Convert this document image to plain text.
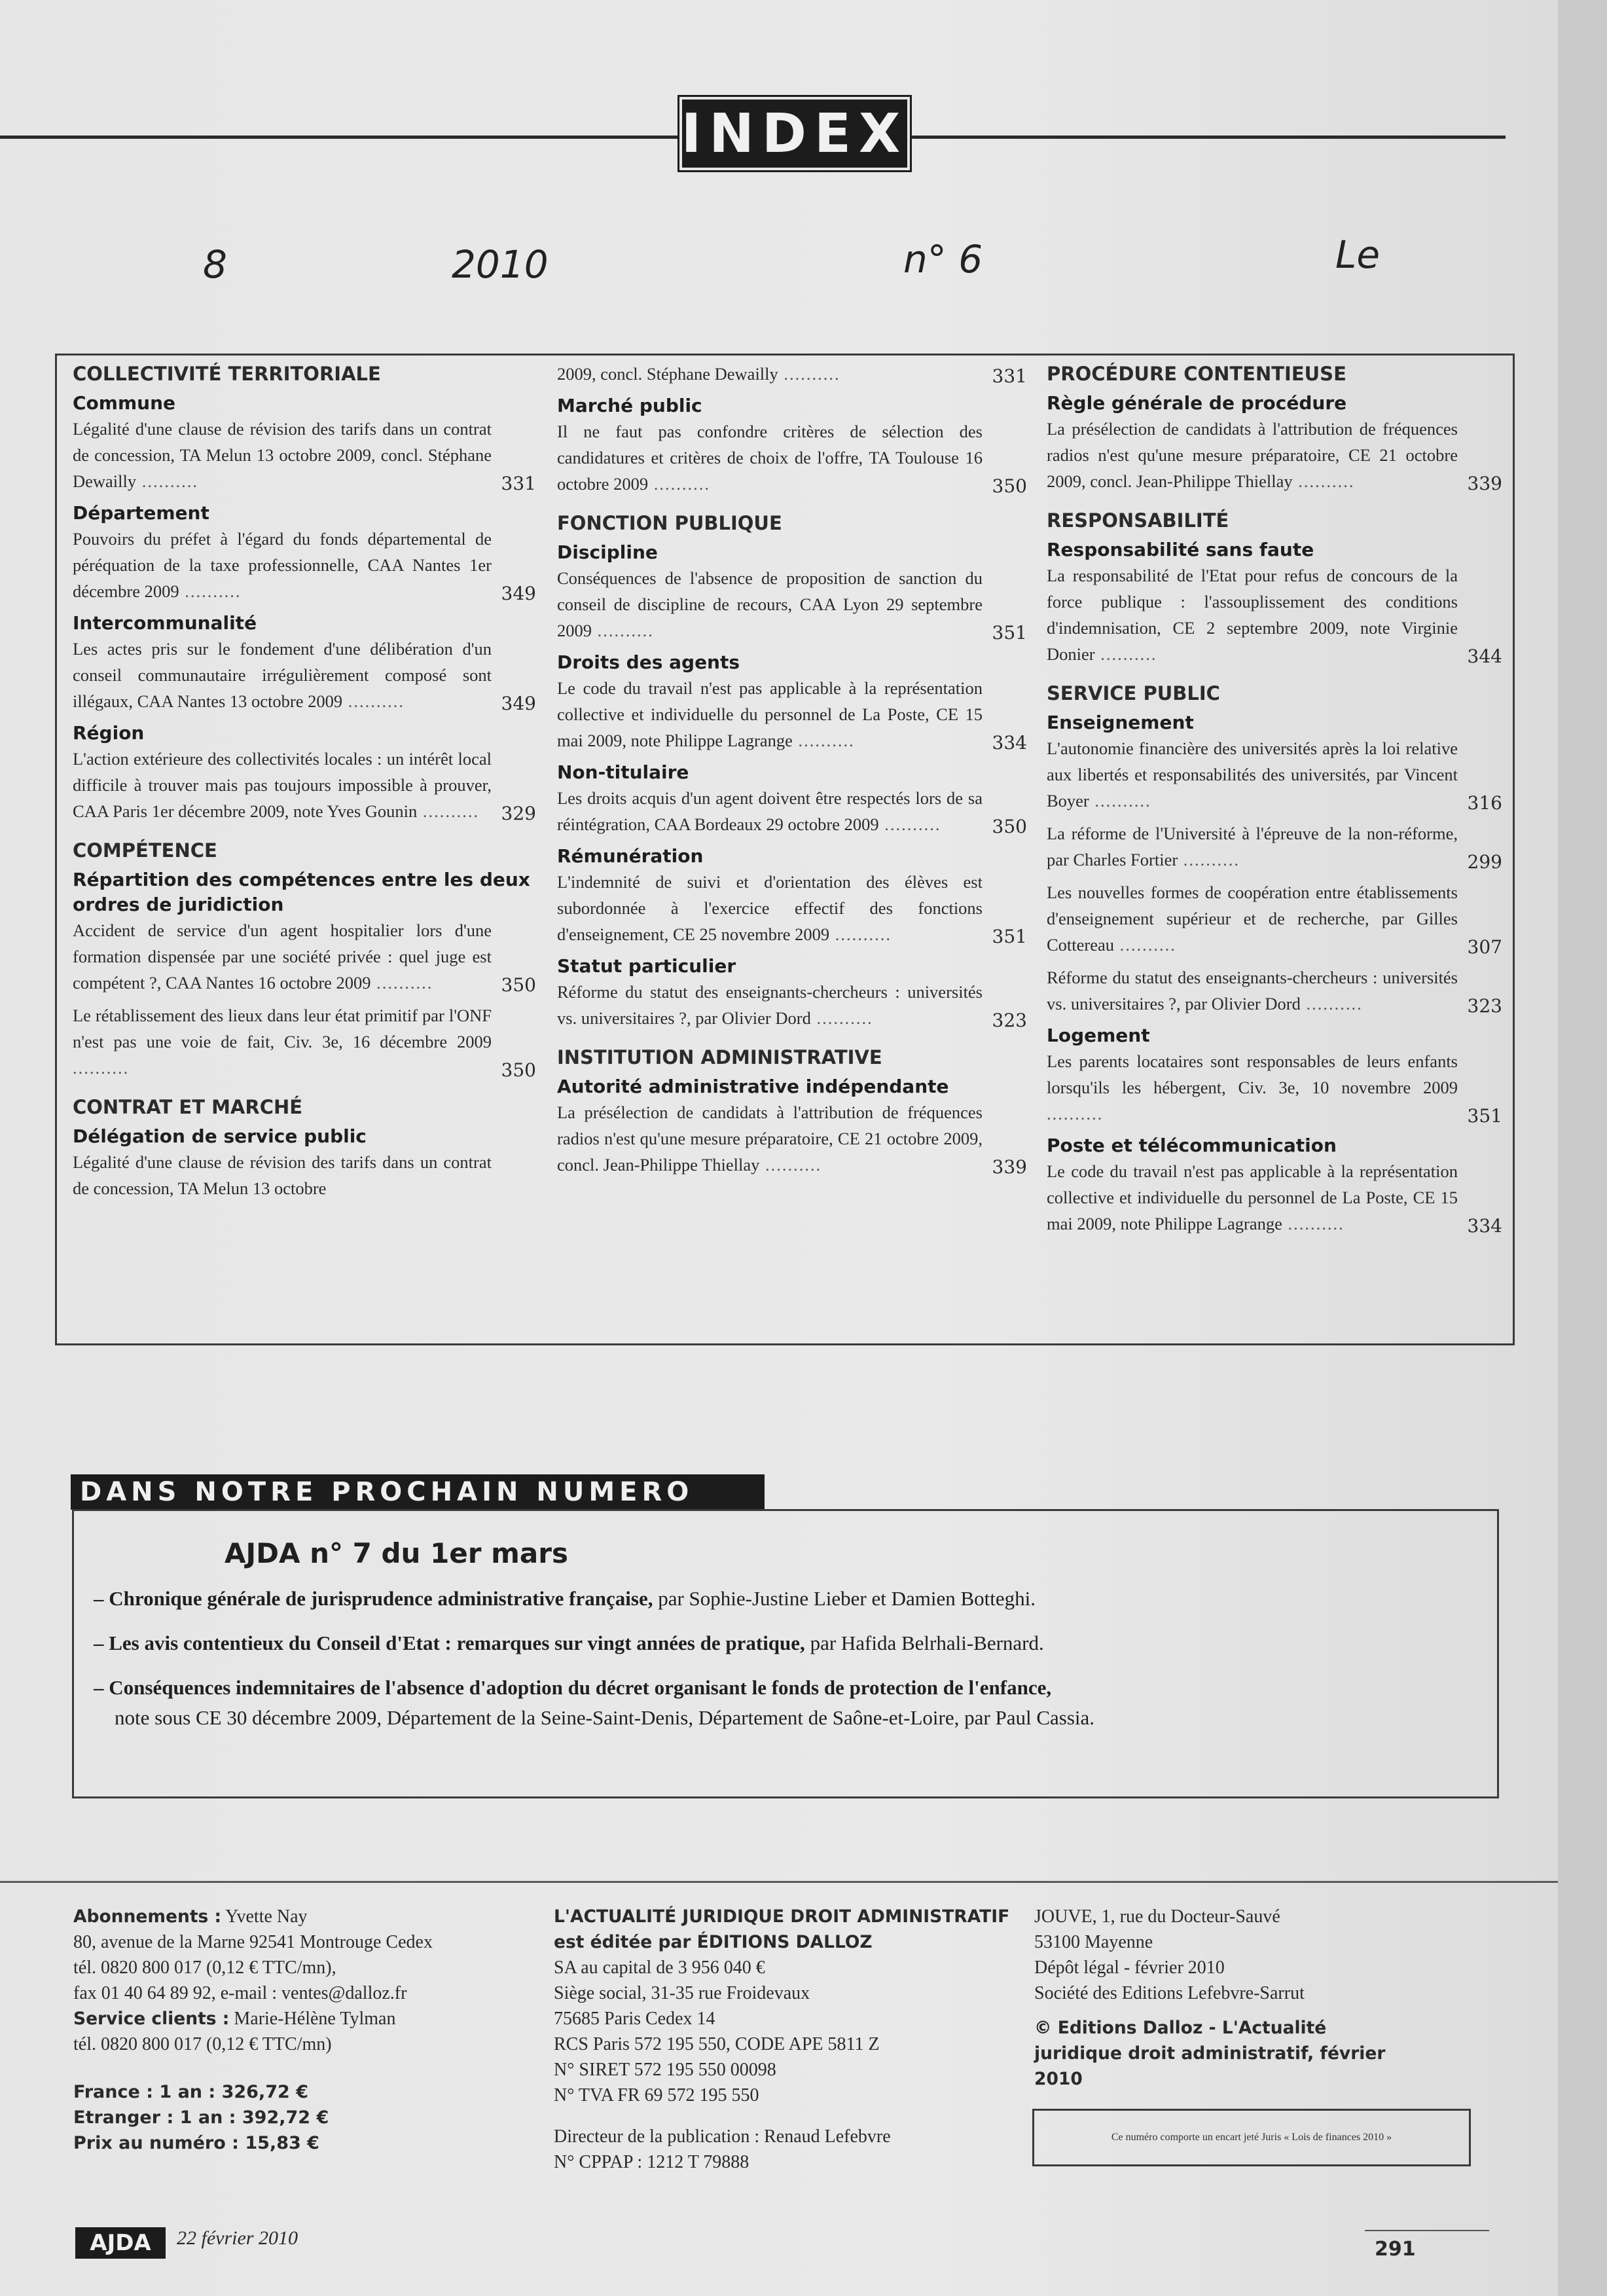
INDEX
8	2010	n° 6	Le
COLLECTIVITÉ TERRITORIALE
Commune
Légalité d'une clause de révision des tarifs dans un contrat de concession, TA Melun 13 octobre 2009, concl. Stéphane Dewailly ..........	331
Département
Pouvoirs du préfet à l'égard du fonds départemental de péréquation de la taxe professionnelle, CAA Nantes 1er décembre 2009 ..........	349
Intercommunalité
Les actes pris sur le fondement d'une délibération d'un conseil communautaire irrégulièrement composé sont illégaux, CAA Nantes 13 octobre 2009 ..........	349
Région
L'action extérieure des collectivités locales : un intérêt local difficile à trouver mais pas toujours impossible à prouver, CAA Paris 1er décembre 2009, note Yves Gounin .......... 329
COMPÉTENCE
Répartition des compétences entre les deux ordres de juridiction
Accident de service d'un agent hospitalier lors d'une formation dispensée par une société privée : quel juge est compétent ?, CAA Nantes 16 octobre 2009 ..........	350
Le rétablissement des lieux dans leur état primitif par l'ONF n'est pas une voie de fait, Civ. 3e, 16 décembre 2009 ..........	350
CONTRAT ET MARCHÉ
Délégation de service public
Légalité d'une clause de révision des tarifs dans un contrat de concession, TA Melun 13 octobre
2009, concl. Stéphane Dewailly ..........	331
Marché public
Il ne faut pas confondre critères de sélection des candidatures et critères de choix de l'offre, TA Toulouse 16 octobre 2009 ..........	350
FONCTION PUBLIQUE
Discipline
Conséquences de l'absence de proposition de sanction du conseil de discipline de recours, CAA Lyon 29 septembre 2009 ..........	351
Droits des agents
Le code du travail n'est pas applicable à la représentation collective et individuelle du personnel de La Poste, CE 15 mai 2009, note Philippe Lagrange ..........	334
Non-titulaire
Les droits acquis d'un agent doivent être respectés lors de sa réintégration, CAA Bordeaux 29 octobre 2009 ..........	350
Rémunération
L'indemnité de suivi et d'orientation des élèves est subordonnée à l'exercice effectif des fonctions d'enseignement, CE 25 novembre 2009 ..........	351
Statut particulier
Réforme du statut des enseignants-chercheurs : universités vs. universitaires ?, par Olivier Dord ..........	323
INSTITUTION ADMINISTRATIVE
Autorité administrative indépendante
La présélection de candidats à l'attribution de fréquences radios n'est qu'une mesure préparatoire, CE 21 octobre 2009, concl. Jean-Philippe Thiellay ..........	339
PROCÉDURE CONTENTIEUSE
Règle générale de procédure
La présélection de candidats à l'attribution de fréquences radios n'est qu'une mesure préparatoire, CE 21 octobre 2009, concl. Jean-Philippe Thiellay ..........	339
RESPONSABILITÉ
Responsabilité sans faute
La responsabilité de l'Etat pour refus de concours de la force publique : l'assouplissement des conditions d'indemnisation, CE 2 septembre 2009, note Virginie Donier ..........	344
SERVICE PUBLIC
Enseignement
L'autonomie financière des universités après la loi relative aux libertés et responsabilités des universités, par Vincent Boyer ..........	316
La réforme de l'Université à l'épreuve de la non-réforme, par Charles Fortier ..........	299
Les nouvelles formes de coopération entre établissements d'enseignement supérieur et de recherche, par Gilles Cottereau ..........	307
Réforme du statut des enseignants-chercheurs : universités vs. universitaires ?, par Olivier Dord ..........	323
Logement
Les parents locataires sont responsables de leurs enfants lorsqu'ils les hébergent, Civ. 3e, 10 novembre 2009 ..........	351
Poste et télécommunication
Le code du travail n'est pas applicable à la représentation collective et individuelle du personnel de La Poste, CE 15 mai 2009, note Philippe Lagrange ..........	334
DANS NOTRE PROCHAIN NUMERO
AJDA n° 7 du 1er mars
– Chronique générale de jurisprudence administrative française, par Sophie-Justine Lieber et Damien Botteghi.
– Les avis contentieux du Conseil d'Etat : remarques sur vingt années de pratique, par Hafida Belrhali-Bernard.
– Conséquences indemnitaires de l'absence d'adoption du décret organisant le fonds de protection de l'enfance,
note sous CE 30 décembre 2009, Département de la Seine-Saint-Denis, Département de Saône-et-Loire, par Paul Cassia.
Abonnements : Yvette Nay
80, avenue de la Marne 92541 Montrouge Cedex
tél. 0820 800 017 (0,12 € TTC/mn),
fax 01 40 64 89 92, e-mail : ventes@dalloz.fr
Service clients : Marie-Hélène Tylman
tél. 0820 800 017 (0,12 € TTC/mn)
France : 1 an : 326,72 €
Etranger : 1 an : 392,72 €
Prix au numéro : 15,83 €
L'ACTUALITÉ JURIDIQUE DROIT ADMINISTRATIF
est éditée par ÉDITIONS DALLOZ
SA au capital de 3 956 040 €
Siège social, 31-35 rue Froidevaux
75685 Paris Cedex 14
RCS Paris 572 195 550, CODE APE 5811 Z
N° SIRET 572 195 550 00098
N° TVA FR 69 572 195 550
Directeur de la publication : Renaud Lefebvre
N° CPPAP : 1212 T 79888
JOUVE, 1, rue du Docteur-Sauvé
53100 Mayenne
Dépôt légal - février 2010
Société des Editions Lefebvre-Sarrut
© Editions Dalloz - L'Actualité juridique droit administratif, février 2010
Ce numéro comporte un encart jeté Juris « Lois de finances 2010 »
AJDA	22 février 2010	291
